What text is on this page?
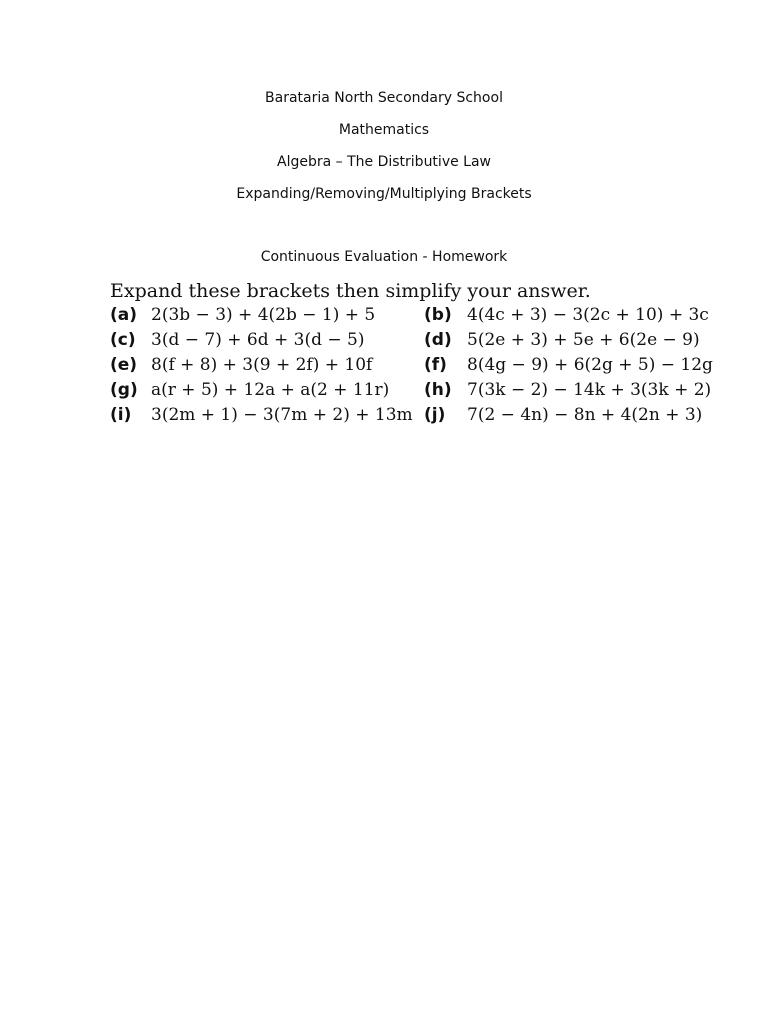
Barataria North Secondary School
Mathematics
Algebra – The Distributive Law
Expanding/Removing/Multiplying Brackets
Continuous Evaluation - Homework
Expand these brackets then simplify your answer.
(a) 2(3b − 3) + 4(2b − 1) + 5	(b) 4(4c + 3) − 3(2c + 10) + 3c
(c) 3(d − 7) + 6d + 3(d − 5)	(d) 5(2e + 3) + 5e + 6(2e − 9)
(e) 8(f + 8) + 3(9 + 2f) + 10f	(f) 8(4g − 9) + 6(2g + 5) − 12g
(g) a(r + 5) + 12a + a(2 + 11r) (h) 7(3k − 2) − 14k + 3(3k + 2)
(i) 3(2m + 1) − 3(7m + 2) + 13m (j) 7(2 − 4n) − 8n + 4(2n + 3)
